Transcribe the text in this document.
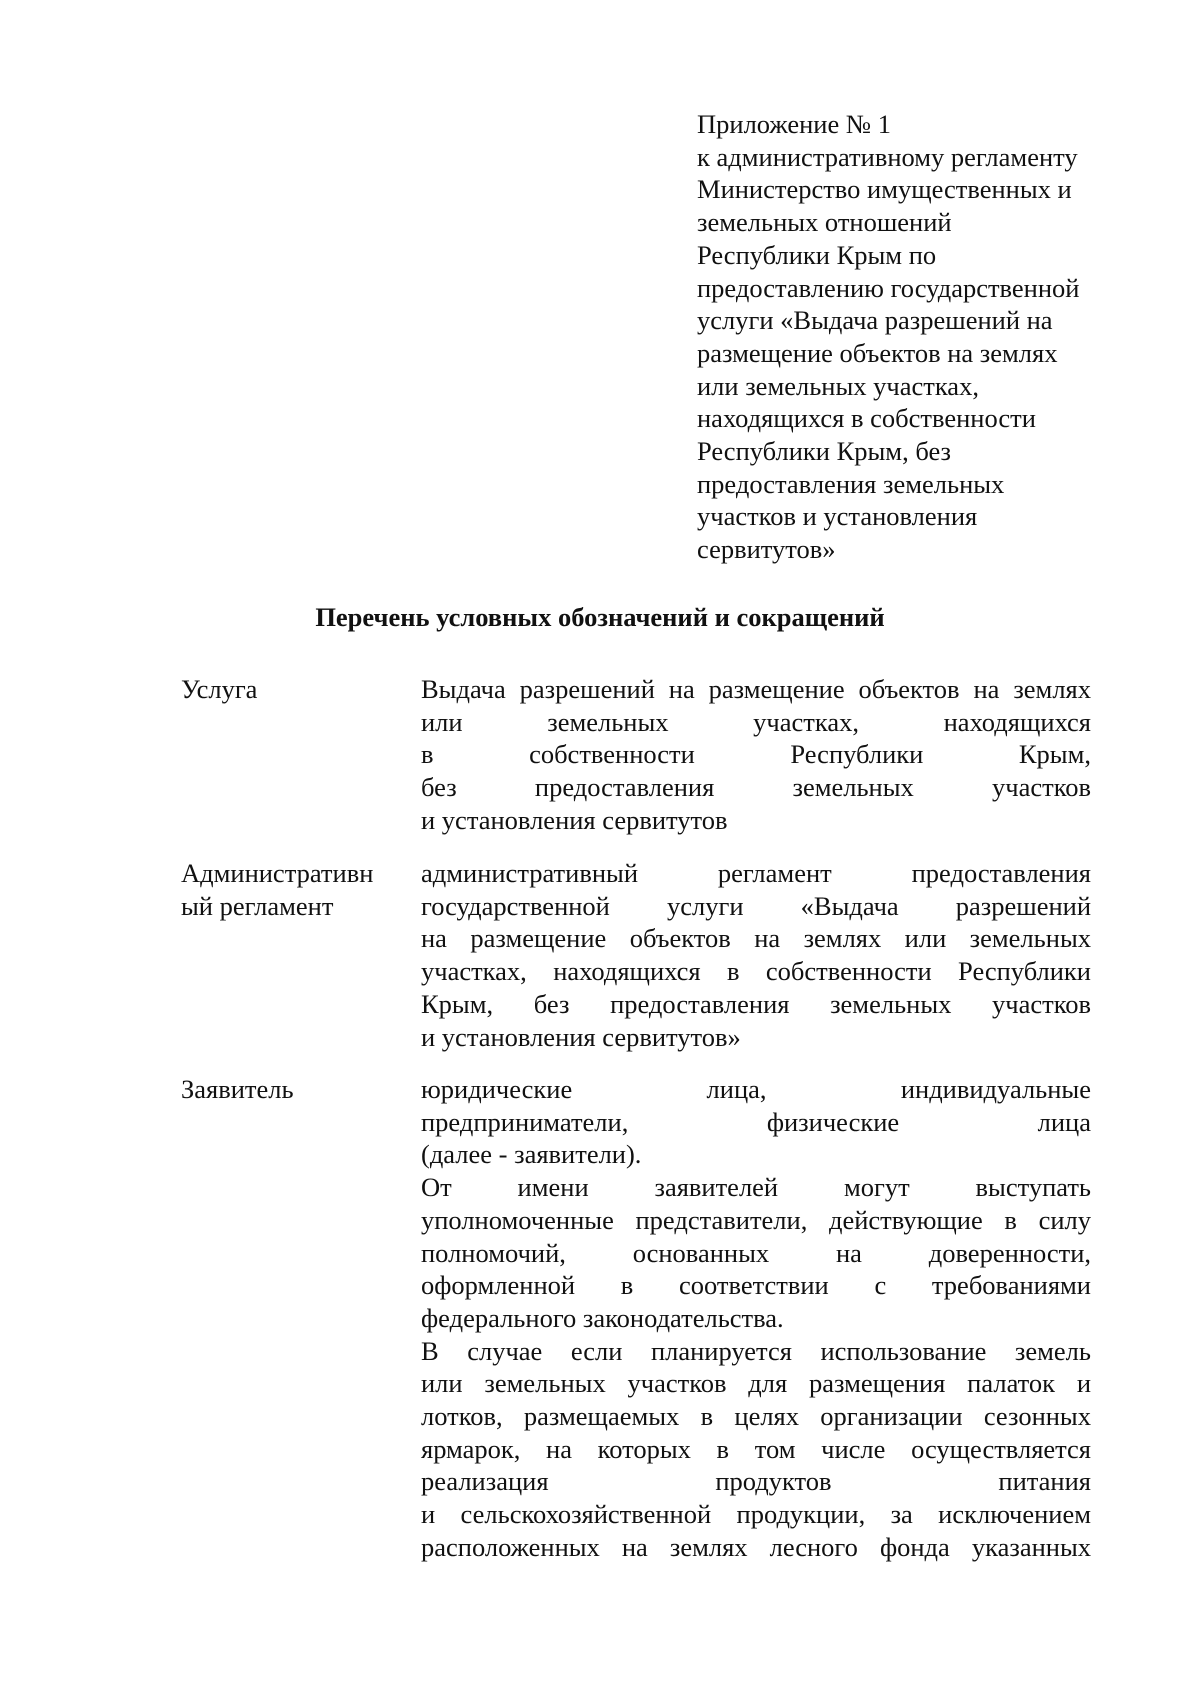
Приложение № 1
к административному регламенту
Министерство имущественных и
земельных отношений
Республики Крым по
предоставлению государственной
услуги «Выдача разрешений на
размещение объектов на землях
или земельных участках,
находящихся в собственности
Республики Крым, без
предоставления земельных
участков и установления
сервитутов»
Перечень условных обозначений и сокращений
Услуга	Выдача разрешений на размещение объектов на землях
или земельных участках, находящихся
в собственности Республики Крым,
без предоставления земельных участков
и установления сервитутов
Административн
ый регламент
административный регламент предоставления
государственной услуги «Выдача разрешений
на размещение объектов на землях или земельных
участках, находящихся в собственности Республики
Крым, без предоставления земельных участков
и установления сервитутов»
Заявитель	юридические лица, индивидуальные
предприниматели, физические лица
(далее - заявители).
От имени заявителей могут выступать
уполномоченные представители, действующие в силу
полномочий, основанных на доверенности,
оформленной в соответствии с требованиями
федерального законодательства.
В случае если планируется использование земель
или земельных участков для размещения палаток и
лотков, размещаемых в целях организации сезонных
ярмарок, на которых в том числе осуществляется
реализация продуктов питания
и сельскохозяйственной продукции, за исключением
расположенных на землях лесного фонда указанных
